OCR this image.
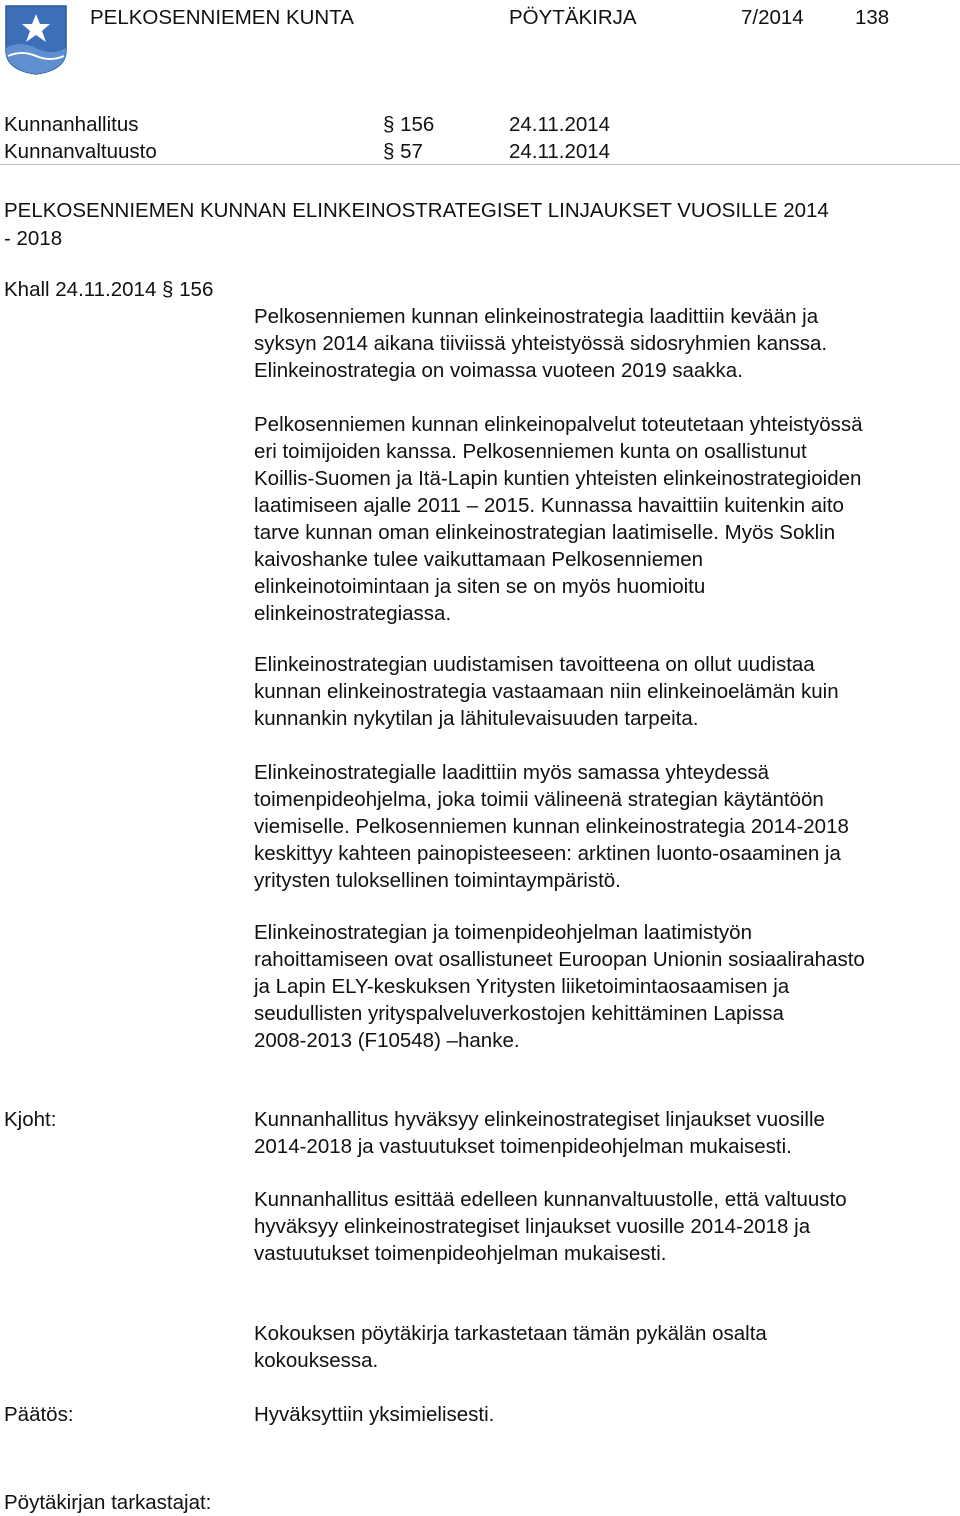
PELKOSENNIEMEN KUNTA	PÖYTÄKIRJA	7/2014	138
Kunnanhallitus	§ 156	24.11.2014
Kunnanvaltuusto	§ 57	24.11.2014
PELKOSENNIEMEN KUNNAN ELINKEINOSTRATEGISET LINJAUKSET VUOSILLE 2014
- 2018
Khall 24.11.2014 § 156

Pelkosenniemen kunnan elinkeinostrategia laadittiin kevään ja

syksyn 2014 aikana tiiviissä yhteistyössä sidosryhmien kanssa.

Elinkeinostrategia on voimassa vuoteen 2019 saakka.

Pelkosenniemen kunnan elinkeinopalvelut toteutetaan yhteistyössä

eri toimijoiden kanssa. Pelkosenniemen kunta on osallistunut

Koillis-Suomen ja Itä-Lapin kuntien yhteisten elinkeinostrategioiden

laatimiseen ajalle 2011 – 2015. Kunnassa havaittiin kuitenkin aito

tarve kunnan oman elinkeinostrategian laatimiselle. Myös Soklin

kaivoshanke tulee vaikuttamaan Pelkosenniemen

elinkeinotoimintaan ja siten se on myös huomioitu

elinkeinostrategiassa.

Elinkeinostrategian uudistamisen tavoitteena on ollut uudistaa

kunnan elinkeinostrategia vastaamaan niin elinkeinoelämän kuin

kunnankin nykytilan ja lähitulevaisuuden tarpeita.

Elinkeinostrategialle laadittiin myös samassa yhteydessä

toimenpideohjelma, joka toimii välineenä strategian käytäntöön

viemiselle. Pelkosenniemen kunnan elinkeinostrategia 2014-2018

keskittyy kahteen painopisteeseen: arktinen luonto-osaaminen ja

yritysten tuloksellinen toimintaympäristö.

Elinkeinostrategian ja toimenpideohjelman laatimistyön

rahoittamiseen ovat osallistuneet Euroopan Unionin sosiaalirahasto

ja Lapin ELY-keskuksen Yritysten liiketoimintaosaamisen ja

seudullisten yrityspalveluverkostojen kehittäminen Lapissa

2008-2013 (F10548) –hanke.

Kjoht:	Kunnanhallitus hyväksyy elinkeinostrategiset linjaukset vuosille

2014-2018 ja vastuutukset toimenpideohjelman mukaisesti.

Kunnanhallitus esittää edelleen kunnanvaltuustolle, että valtuusto

hyväksyy elinkeinostrategiset linjaukset vuosille 2014-2018 ja

vastuutukset toimenpideohjelman mukaisesti.

Kokouksen pöytäkirja tarkastetaan tämän pykälän osalta

kokouksessa.

Päätös:	Hyväksyttiin yksimielisesti.
Pöytäkirjan tarkastajat:
